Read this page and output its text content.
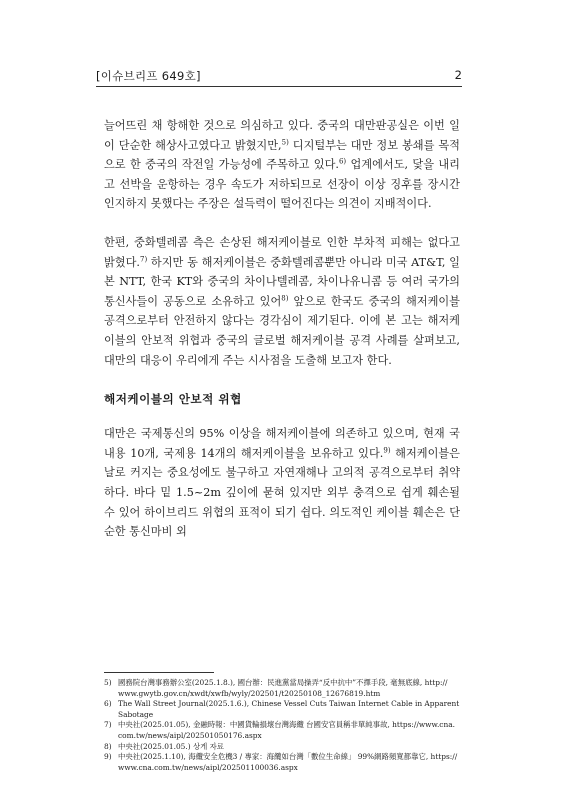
[이슈브리프 649호]	2

늘어뜨린 채 항해한 것으로 의심하고 있다. 중국의 대만판공실은 이번 일이 단순한 해상사고였다고 밝혔지만,$^{5)}$ 디지털부는 대만 정보 봉쇄를 목적으로 한 중국의 작전일 가능성에 주목하고 있다.$^{6)}$ 업계에서도, 닻을 내리고 선박을 운항하는 경우 속도가 저하되므로 선장이 이상 징후를 장시간 인지하지 못했다는 주장은 설득력이 떨어진다는 의견이 지배적이다.

한편, 중화텔레콤 측은 손상된 해저케이블로 인한 부차적 피해는 없다고 밝혔다.$^{7)}$ 하지만 동 해저케이블은 중화텔레콤뿐만 아니라 미국 AT&T, 일본 NTT, 한국 KT와 중국의 차이나텔레콤, 차이나유니콤 등 여러 국가의 통신사들이 공동으로 소유하고 있어$^{8)}$ 앞으로 한국도 중국의 해저케이블 공격으로부터 안전하지 않다는 경각심이 제기된다. 이에 본 고는 해저케이블의 안보적 위협과 중국의 글로벌 해저케이블 공격 사례를 살펴보고, 대만의 대응이 우리에게 주는 시사점을 도출해 보고자 한다.

해저케이블의 안보적 위협

대만은 국제통신의 95% 이상을 해저케이블에 의존하고 있으며, 현재 국내용 10개, 국제용 14개의 해저케이블을 보유하고 있다.$^{9)}$ 해저케이블은 날로 커지는 중요성에도 불구하고 자연재해나 고의적 공격으로부터 취약하다. 바다 밑 1.5~2m 깊이에 묻혀 있지만 외부 충격으로 쉽게 훼손될 수 있어 하이브리드 위협의 표적이 되기 쉽다. 의도적인 케이블 훼손은 단순한 통신마비 외

5) 國務院台灣事務辦公室(2025.1.8.), 國台辦：民進黨當局操弄“反中抗中”不擇手段, 毫無底線, http://
www.gwytb.gov.cn/xwdt/xwfb/wyly/202501/t20250108_12676819.htm
6) The Wall Street Journal(2025.1.6.), Chinese Vessel Cuts Taiwan Internet Cable in Apparent
Sabotage
7) 中央社(2025.01.05), 金融時報：中國貨輪損壞台灣海纜 台國安官員稱非單純事故, https://www.cna.
com.tw/news/aipl/202501050176.aspx
8) 中央社(2025.01.05.) 상게 자료
9) 中央社(2025.1.10), 海纜安全危機3 / 專家：海纜如台灣「數位生命線」 99%網路頻寬都靠它, https://
www.cna.com.tw/news/aipl/202501100036.aspx
